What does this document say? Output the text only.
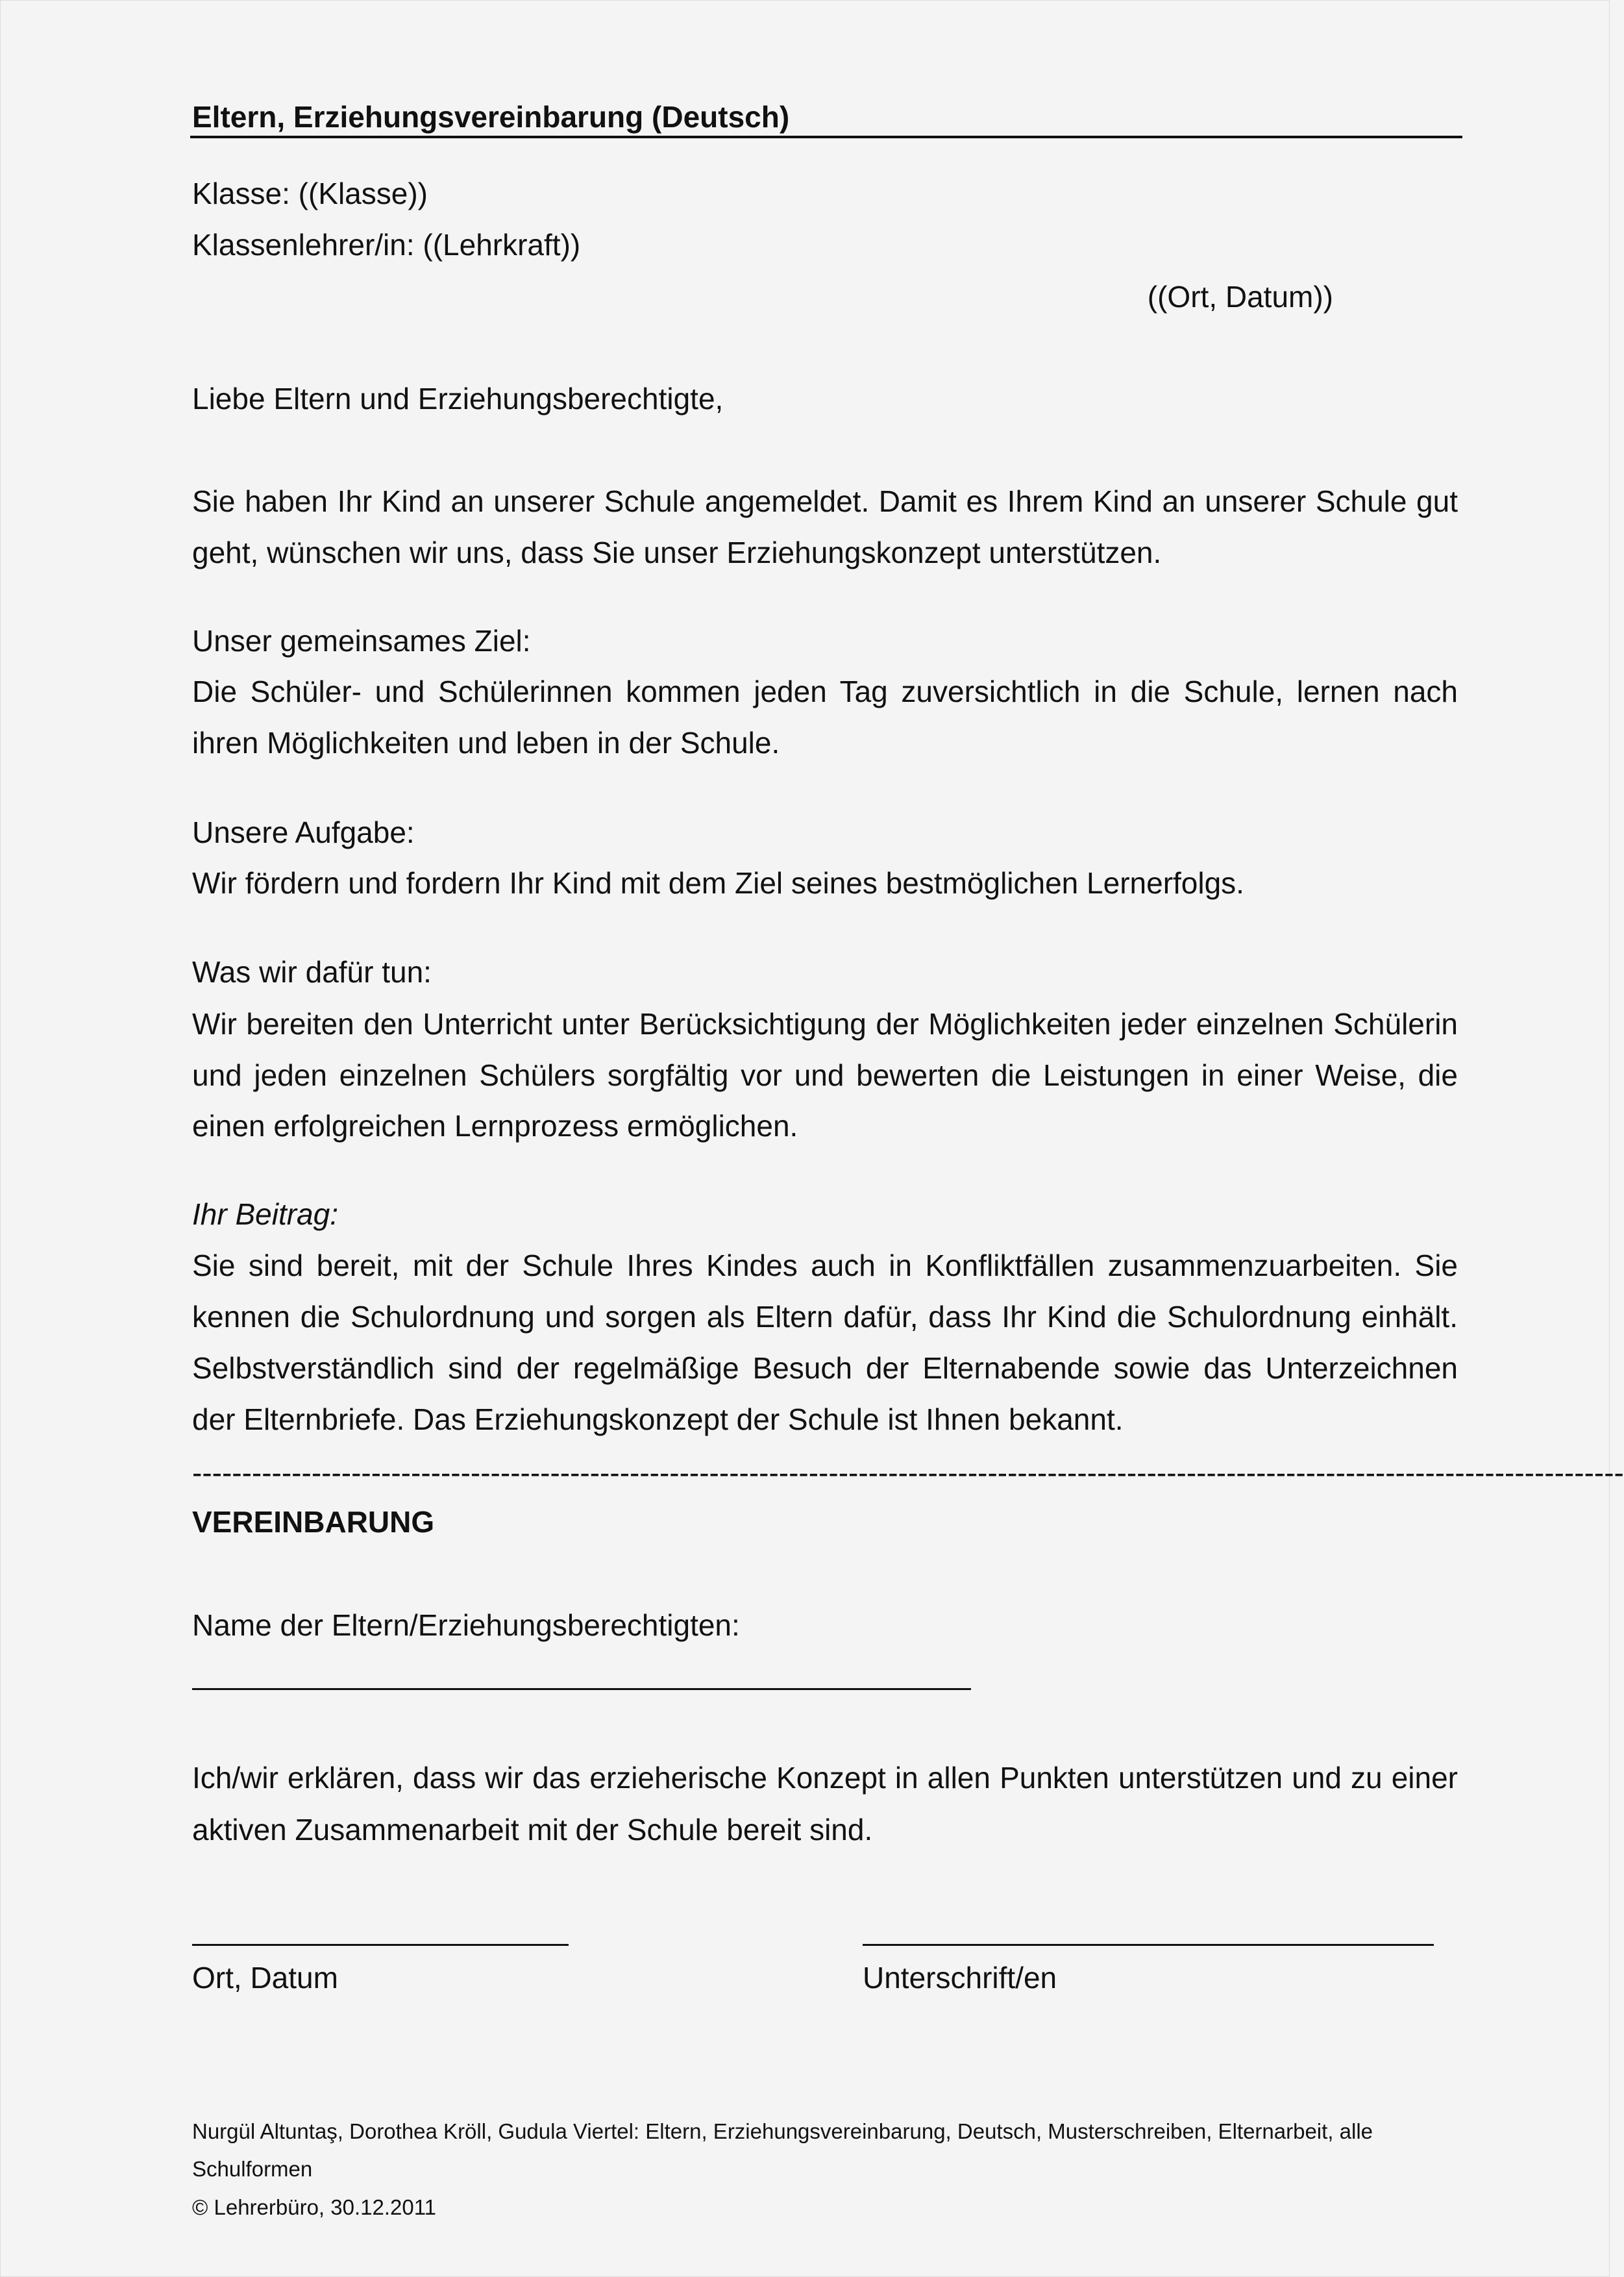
Eltern, Erziehungsvereinbarung (Deutsch)
Klasse: ((Klasse))
Klassenlehrer/in: ((Lehrkraft))
((Ort, Datum))
Liebe Eltern und Erziehungsberechtigte,
Sie haben Ihr Kind an unserer Schule angemeldet. Damit es Ihrem Kind an unserer Schule gut
geht, wünschen wir uns, dass Sie unser Erziehungskonzept unterstützen.
Unser gemeinsames Ziel:
Die Schüler- und Schülerinnen kommen jeden Tag zuversichtlich in die Schule, lernen nach
ihren Möglichkeiten und leben in der Schule.
Unsere Aufgabe:
Wir fördern und fordern Ihr Kind mit dem Ziel seines bestmöglichen Lernerfolgs.
Was wir dafür tun:
Wir bereiten den Unterricht unter Berücksichtigung der Möglichkeiten jeder einzelnen Schülerin
und jeden einzelnen Schülers sorgfältig vor und bewerten die Leistungen in einer Weise, die
einen erfolgreichen Lernprozess ermöglichen.
Ihr Beitrag:
Sie sind bereit, mit der Schule Ihres Kindes auch in Konfliktfällen zusammenzuarbeiten. Sie
kennen die Schulordnung und sorgen als Eltern dafür, dass Ihr Kind die Schulordnung einhält.
Selbstverständlich sind der regelmäßige Besuch der Elternabende sowie das Unterzeichnen
der Elternbriefe. Das Erziehungskonzept der Schule ist Ihnen bekannt.
------------------------------------------------------------------------------------------------------------------------------------------------
VEREINBARUNG
Name der Eltern/Erziehungsberechtigten:
Ich/wir erklären, dass wir das erzieherische Konzept in allen Punkten unterstützen und zu einer
aktiven Zusammenarbeit mit der Schule bereit sind.
Ort, Datum	Unterschrift/en
Nurgül Altuntaş, Dorothea Kröll, Gudula Viertel: Eltern, Erziehungsvereinbarung, Deutsch, Musterschreiben, Elternarbeit, alle
Schulformen
© Lehrerbüro, 30.12.2011
